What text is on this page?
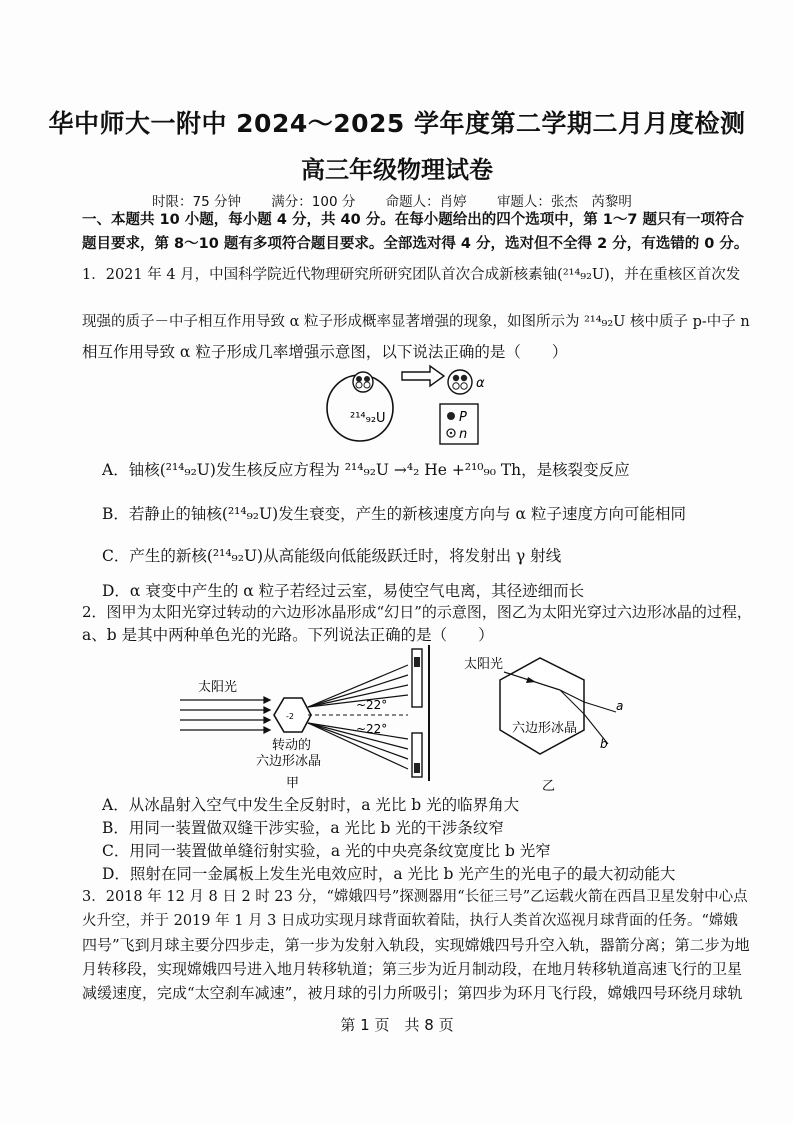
华中师大一附中 2024～2025 学年度第二学期二月月度检测
高三年级物理试卷
时限：75 分钟 满分：100 分 命题人：肖婷 审题人：张杰　芮黎明
一、本题共 10 小题，每小题 4 分，共 40 分。在每小题给出的四个选项中，第 1～7 题只有一项符合
题目要求，第 8～10 题有多项符合题目要求。全部选对得 4 分，选对但不全得 2 分，有选错的 0 分。
1．2021 年 4 月，中国科学院近代物理研究所研究团队首次合成新核素铀(²¹⁴₉₂U)，并在重核区首次发
现强的质子－中子相互作用导致 α 粒子形成概率显著增强的现象，如图所示为 ²¹⁴₉₂U 核中质子 p-中子 n
相互作用导致 α 粒子形成几率增强示意图，以下说法正确的是（　　）
²¹⁴₉₂U
α
P
n
A．铀核(²¹⁴₉₂U)发生核反应方程为 ²¹⁴₉₂U →⁴₂ He +²¹⁰₉₀ Th，是核裂变反应
B．若静止的铀核(²¹⁴₉₂U)发生衰变，产生的新核速度方向与 α 粒子速度方向可能相同
C．产生的新核(²¹⁴₉₂U)从高能级向低能级跃迁时，将发射出 γ 射线
D．α 衰变中产生的 α 粒子若经过云室，易使空气电离，其径迹细而长
2．图甲为太阳光穿过转动的六边形冰晶形成“幻日”的示意图，图乙为太阳光穿过六边形冰晶的过程，
a、b 是其中两种单色光的光路。下列说法正确的是（　　）
太阳光
-2
22°
22°
~
~
转动的
六边形冰晶
甲
太阳光
a
b
六边形冰晶
乙
A．从冰晶射入空气中发生全反射时，a 光比 b 光的临界角大
B．用同一装置做双缝干涉实验，a 光比 b 光的干涉条纹窄
C．用同一装置做单缝衍射实验，a 光的中央亮条纹宽度比 b 光窄
D．照射在同一金属板上发生光电效应时，a 光比 b 光产生的光电子的最大初动能大
3．2018 年 12 月 8 日 2 时 23 分，“嫦娥四号”探测器用“长征三号”乙运载火箭在西昌卫星发射中心点
火升空，并于 2019 年 1 月 3 日成功实现月球背面软着陆，执行人类首次巡视月球背面的任务。“嫦娥
四号”飞到月球主要分四步走，第一步为发射入轨段，实现嫦娥四号升空入轨，器箭分离；第二步为地
月转移段，实现嫦娥四号进入地月转移轨道；第三步为近月制动段，在地月转移轨道高速飞行的卫星
减缓速度，完成“太空刹车减速”，被月球的引力所吸引；第四步为环月飞行段，嫦娥四号环绕月球轨
第 1 页　共 8 页
